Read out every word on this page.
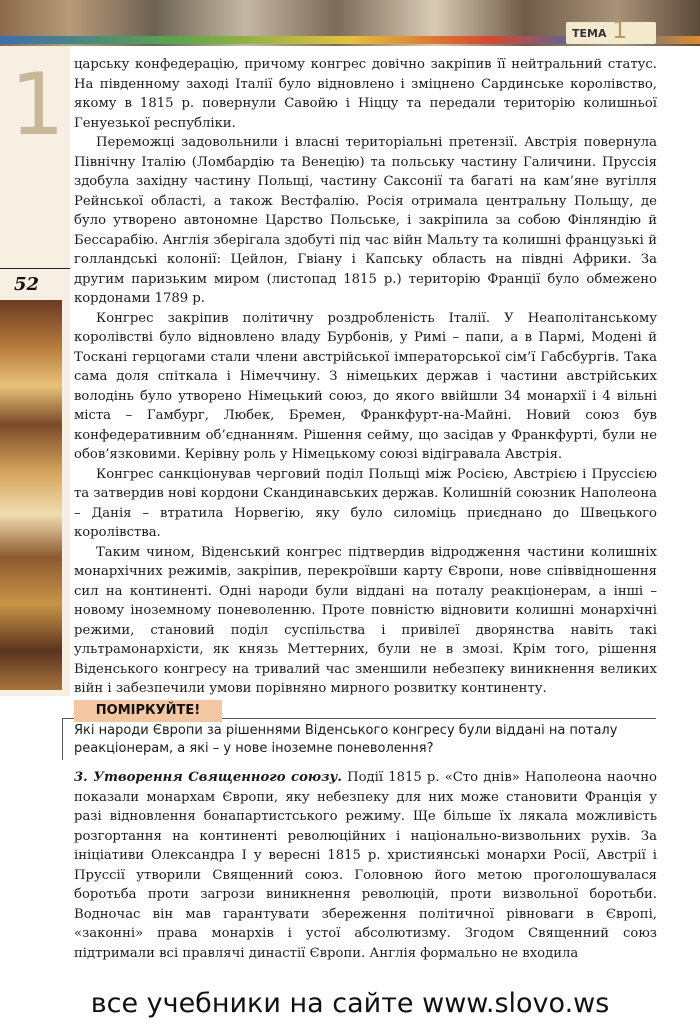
ТЕМА 1
1
52

царську конфедерацію, причому конгрес довічно закріпив її нейтральний статус. На південному заході Італії було відновлено і зміцнено Сардинське королівство, якому в 1815 р. повернули Савойю і Ніццу та передали територію колишньої Генуезької республіки.

Переможці задовольнили і власні територіальні претензії. Австрія повернула Північну Італію (Ломбардію та Венецію) та польську частину Галичини. Пруссія здобула західну частину Польщі, частину Саксонії та багаті на кам’яне вугілля Рейнської області, а також Вестфалію. Росія отримала центральну Польщу, де було утворено автономне Царство Польське, і закріпила за собою Фінляндію й Бессарабію. Англія зберігала здобуті під час війн Мальту та колишні французькі й голландські колонії: Цейлон, Гвіану і Капську область на півдні Африки. За другим паризьким миром (листопад 1815 р.) територію Франції було обмежено кордонами 1789 р.

Конгрес закріпив політичну роздробленість Італії. У Неаполітанському королівстві було відновлено владу Бурбонів, у Римі – папи, а в Пармі, Модені й Тоскані герцогами стали члени австрійської імператорської сім’ї Габсбургів. Така сама доля спіткала і Німеччину. З німецьких держав і частини австрійських володінь було утворено Німецький союз, до якого ввійшли 34 монархії і 4 вільні міста – Гамбург, Любек, Бремен, Франкфурт-на-Майні. Новий союз був конфедеративним об’єднанням. Рішення сейму, що засідав у Франкфурті, були не обов’язковими. Керівну роль у Німецькому союзі відігравала Австрія.

Конгрес санкціонував черговий поділ Польщі між Росією, Австрією і Пруссією та затвердив нові кордони Скандинавських держав. Колишній союзник Наполеона – Данія – втратила Норвегію, яку було силоміць приєднано до Швецького королівства.

Таким чином, Віденський конгрес підтвердив відродження частини колишніх монархічних режимів, закріпив, перекроївши карту Європи, нове співвідношення сил на континенті. Одні народи були віддані на поталу реакціонерам, а інші – новому іноземному поневоленню. Проте повністю відновити колишні монархічні режими, становий поділ суспільства і привілеї дворянства навіть такі ультрамонархісти, як князь Меттерних, були не в змозі. Крім того, рішення Віденського конгресу на тривалий час зменшили небезпеку виникнення великих війн і забезпечили умови порівняно мирного розвитку континенту.

ПОМІРКУЙТЕ!
Які народи Європи за рішеннями Віденського конгресу були віддані на поталу реакціонерам, а які – у нове іноземне поневолення?

3. Утворення Священного союзу. Події 1815 р. «Сто днів» Наполеона наочно показали монархам Європи, яку небезпеку для них може становити Франція у разі відновлення бонапартистського режиму. Ще більше їх лякала можливість розгортання на континенті революційних і національно-визвольних рухів. За ініціативи Олександра I у вересні 1815 р. християнські монархи Росії, Австрії і Пруссії утворили Священний союз. Головною його метою проголошувалася боротьба проти загрози виникнення революцій, проти визвольної боротьби. Водночас він мав гарантувати збереження політичної рівноваги в Європі, «законні» права монархів і устої абсолютизму. Згодом Священний союз підтримали всі правлячі династії Європи. Англія формально не входила

все учебники на сайте www.slovo.ws
